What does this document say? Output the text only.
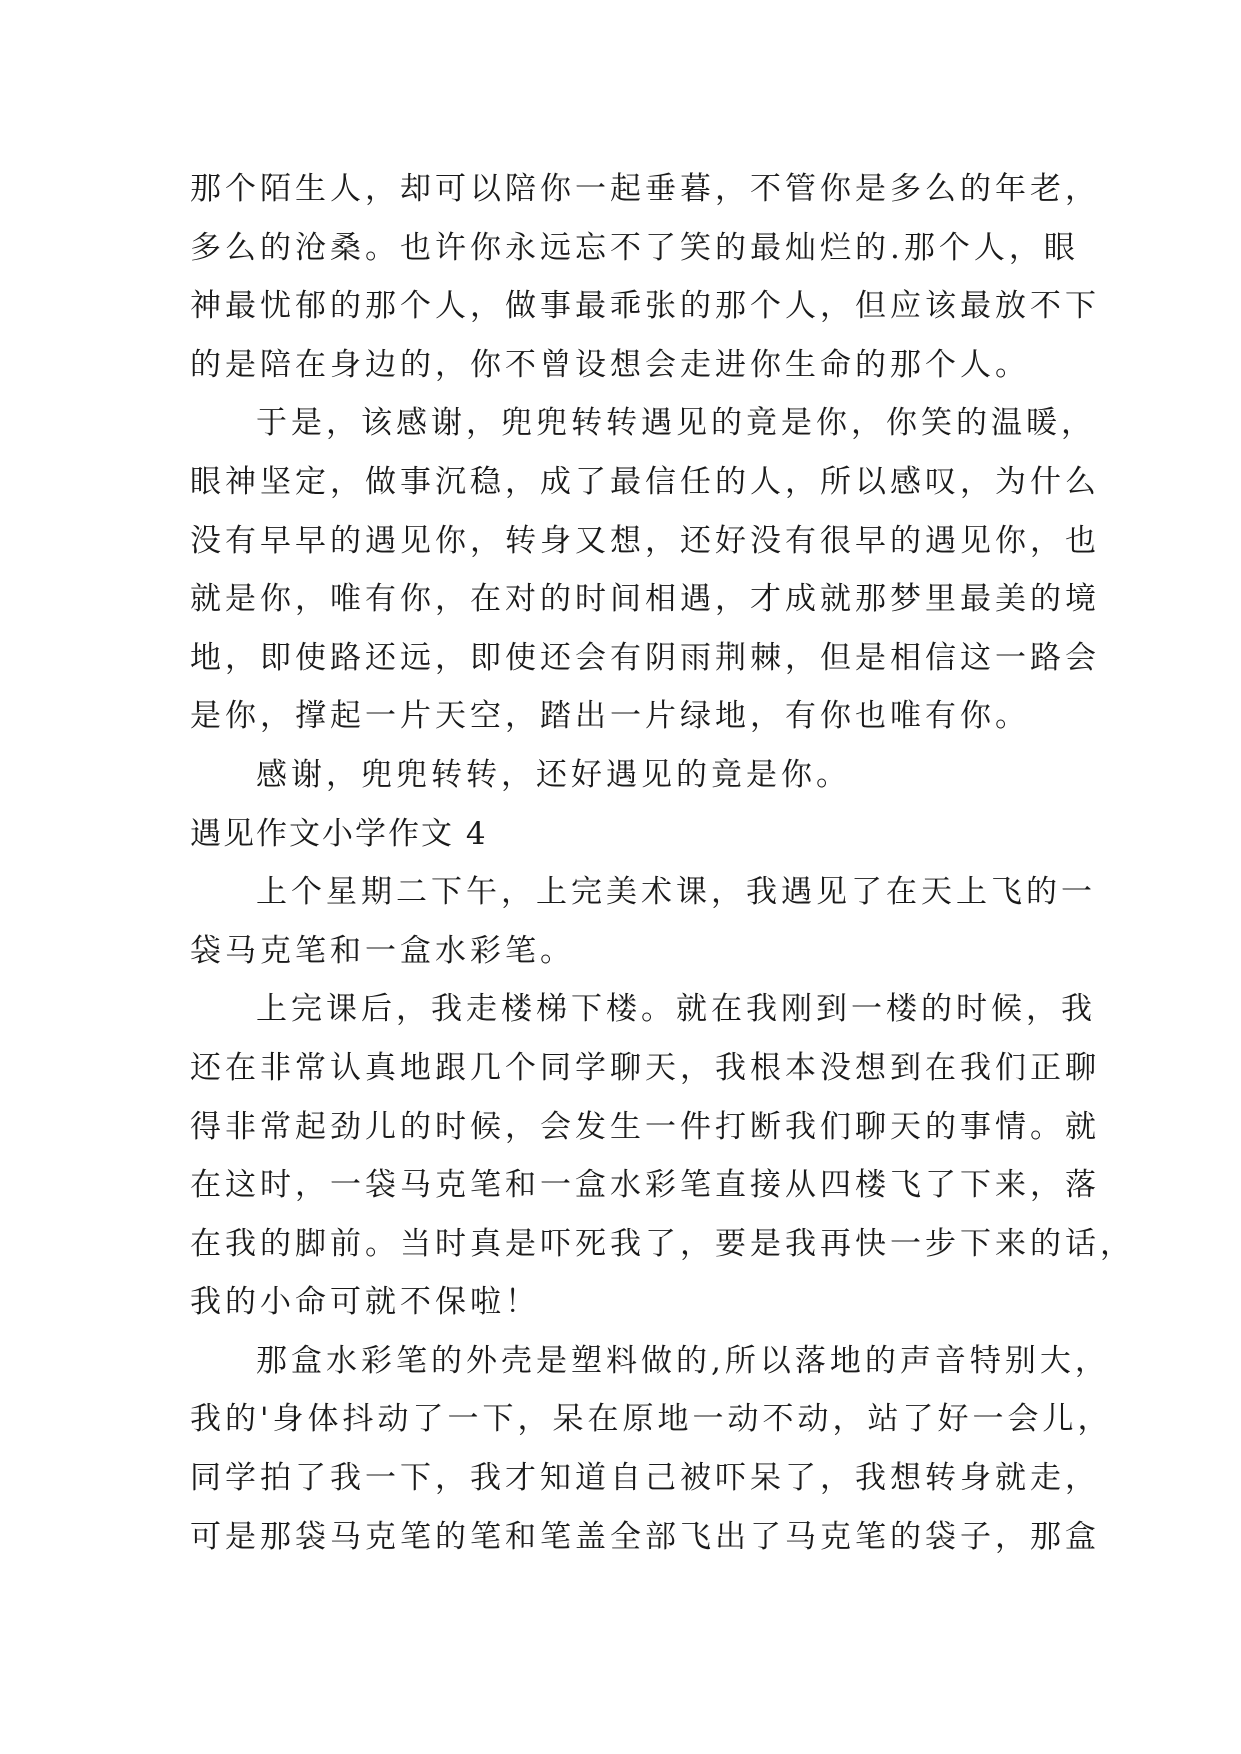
那个陌生人，却可以陪你一起垂暮，不管你是多么的年老，
多么的沧桑。也许你永远忘不了笑的最灿烂的.那个人，眼
神最忧郁的那个人，做事最乖张的那个人，但应该最放不下
的是陪在身边的，你不曾设想会走进你生命的那个人。
于是，该感谢，兜兜转转遇见的竟是你，你笑的温暖，
眼神坚定，做事沉稳，成了最信任的人，所以感叹，为什么
没有早早的遇见你，转身又想，还好没有很早的遇见你，也
就是你，唯有你，在对的时间相遇，才成就那梦里最美的境
地，即使路还远，即使还会有阴雨荆棘，但是相信这一路会
是你，撑起一片天空，踏出一片绿地，有你也唯有你。
感谢，兜兜转转，还好遇见的竟是你。
遇见作文小学作文 4
上个星期二下午，上完美术课，我遇见了在天上飞的一
袋马克笔和一盒水彩笔。
上完课后，我走楼梯下楼。就在我刚到一楼的时候，我
还在非常认真地跟几个同学聊天，我根本没想到在我们正聊
得非常起劲儿的时候，会发生一件打断我们聊天的事情。就
在这时，一袋马克笔和一盒水彩笔直接从四楼飞了下来，落
在我的脚前。当时真是吓死我了，要是我再快一步下来的话，
我的小命可就不保啦！
那盒水彩笔的外壳是塑料做的,所以落地的声音特别大，
我的'身体抖动了一下，呆在原地一动不动，站了好一会儿，
同学拍了我一下，我才知道自己被吓呆了，我想转身就走，
可是那袋马克笔的笔和笔盖全部飞出了马克笔的袋子，那盒
